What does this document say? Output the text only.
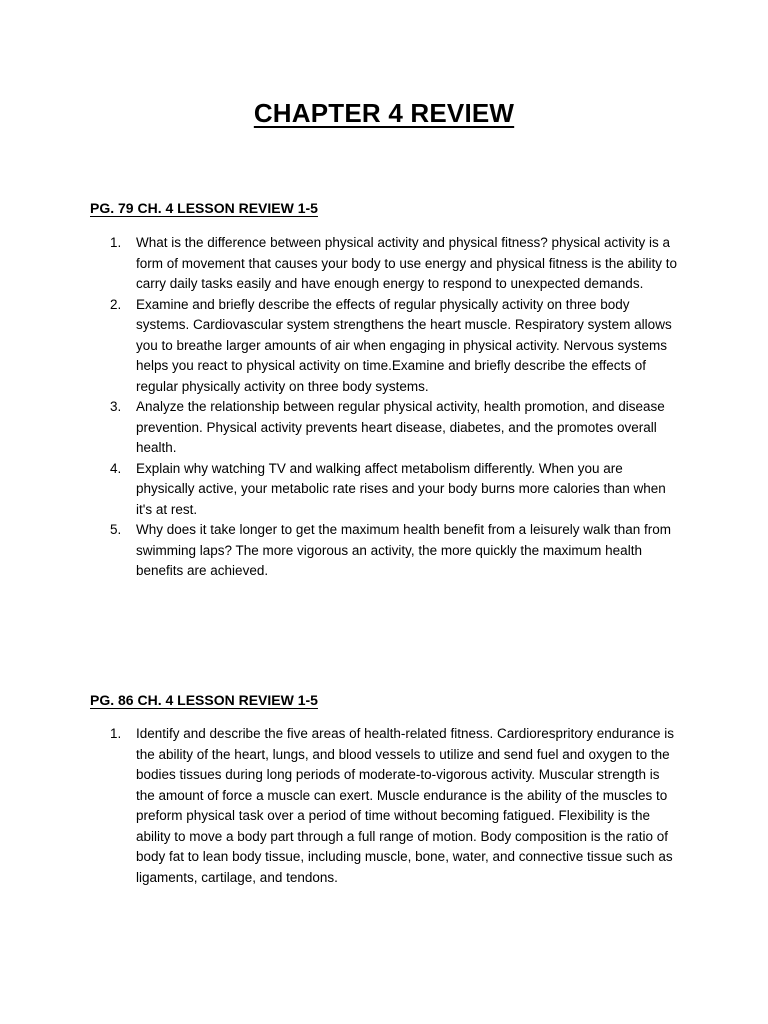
CHAPTER 4 REVIEW
PG. 79 CH. 4 LESSON REVIEW 1-5
1.	What is the difference between physical activity and physical fitness? physical activity is a form of movement that causes your body to use energy and physical fitness is the ability to carry daily tasks easily and have enough energy to respond to unexpected demands.
2.	Examine and briefly describe the effects of regular physically activity on three body systems. Cardiovascular system strengthens the heart muscle. Respiratory system allows you to breathe larger amounts of air when engaging in physical activity. Nervous systems helps you react to physical activity on time.Examine and briefly describe the effects of regular physically activity on three body systems.
3.	Analyze the relationship between regular physical activity, health promotion, and disease prevention. Physical activity prevents heart disease, diabetes, and the promotes overall health.
4.	Explain why watching TV and walking affect metabolism differently. When you are physically active, your metabolic rate rises and your body burns more calories than when it's at rest.
5.	Why does it take longer to get the maximum health benefit from a leisurely walk than from swimming laps? The more vigorous an activity, the more quickly the maximum health benefits are achieved.
PG. 86 CH. 4 LESSON REVIEW 1-5
1.	Identify and describe the five areas of health-related fitness. Cardiorespritory endurance is the ability of the heart, lungs, and blood vessels to utilize and send fuel and oxygen to the bodies tissues during long periods of moderate-to-vigorous activity. Muscular strength is the amount of force a muscle can exert. Muscle endurance is the ability of the muscles to preform physical task over a period of time without becoming fatigued. Flexibility is the ability to move a body part through a full range of motion. Body composition is the ratio of body fat to lean body tissue, including muscle, bone, water, and connective tissue such as ligaments, cartilage, and tendons.
